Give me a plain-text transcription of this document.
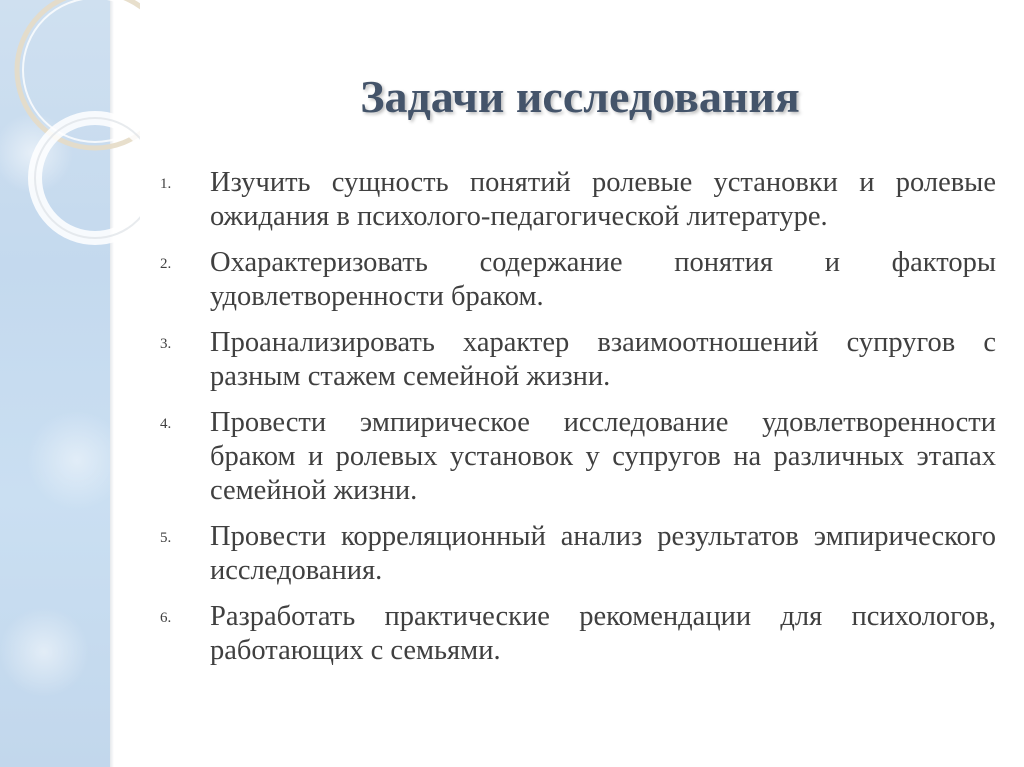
Задачи исследования
1.	Изучить сущность понятий ролевые установки и ролевые ожидания в психолого-педагогической литературе.
2.	Охарактеризовать содержание понятия и факторы удовлетворенности браком.
3.	Проанализировать характер взаимоотношений супругов с разным стажем семейной жизни.
4.	Провести эмпирическое исследование удовлетворенности браком и ролевых установок у супругов на различных этапах семейной жизни.
5.	Провести корреляционный анализ результатов эмпирического исследования.
6.	Разработать практические рекомендации для психологов, работающих с семьями.
